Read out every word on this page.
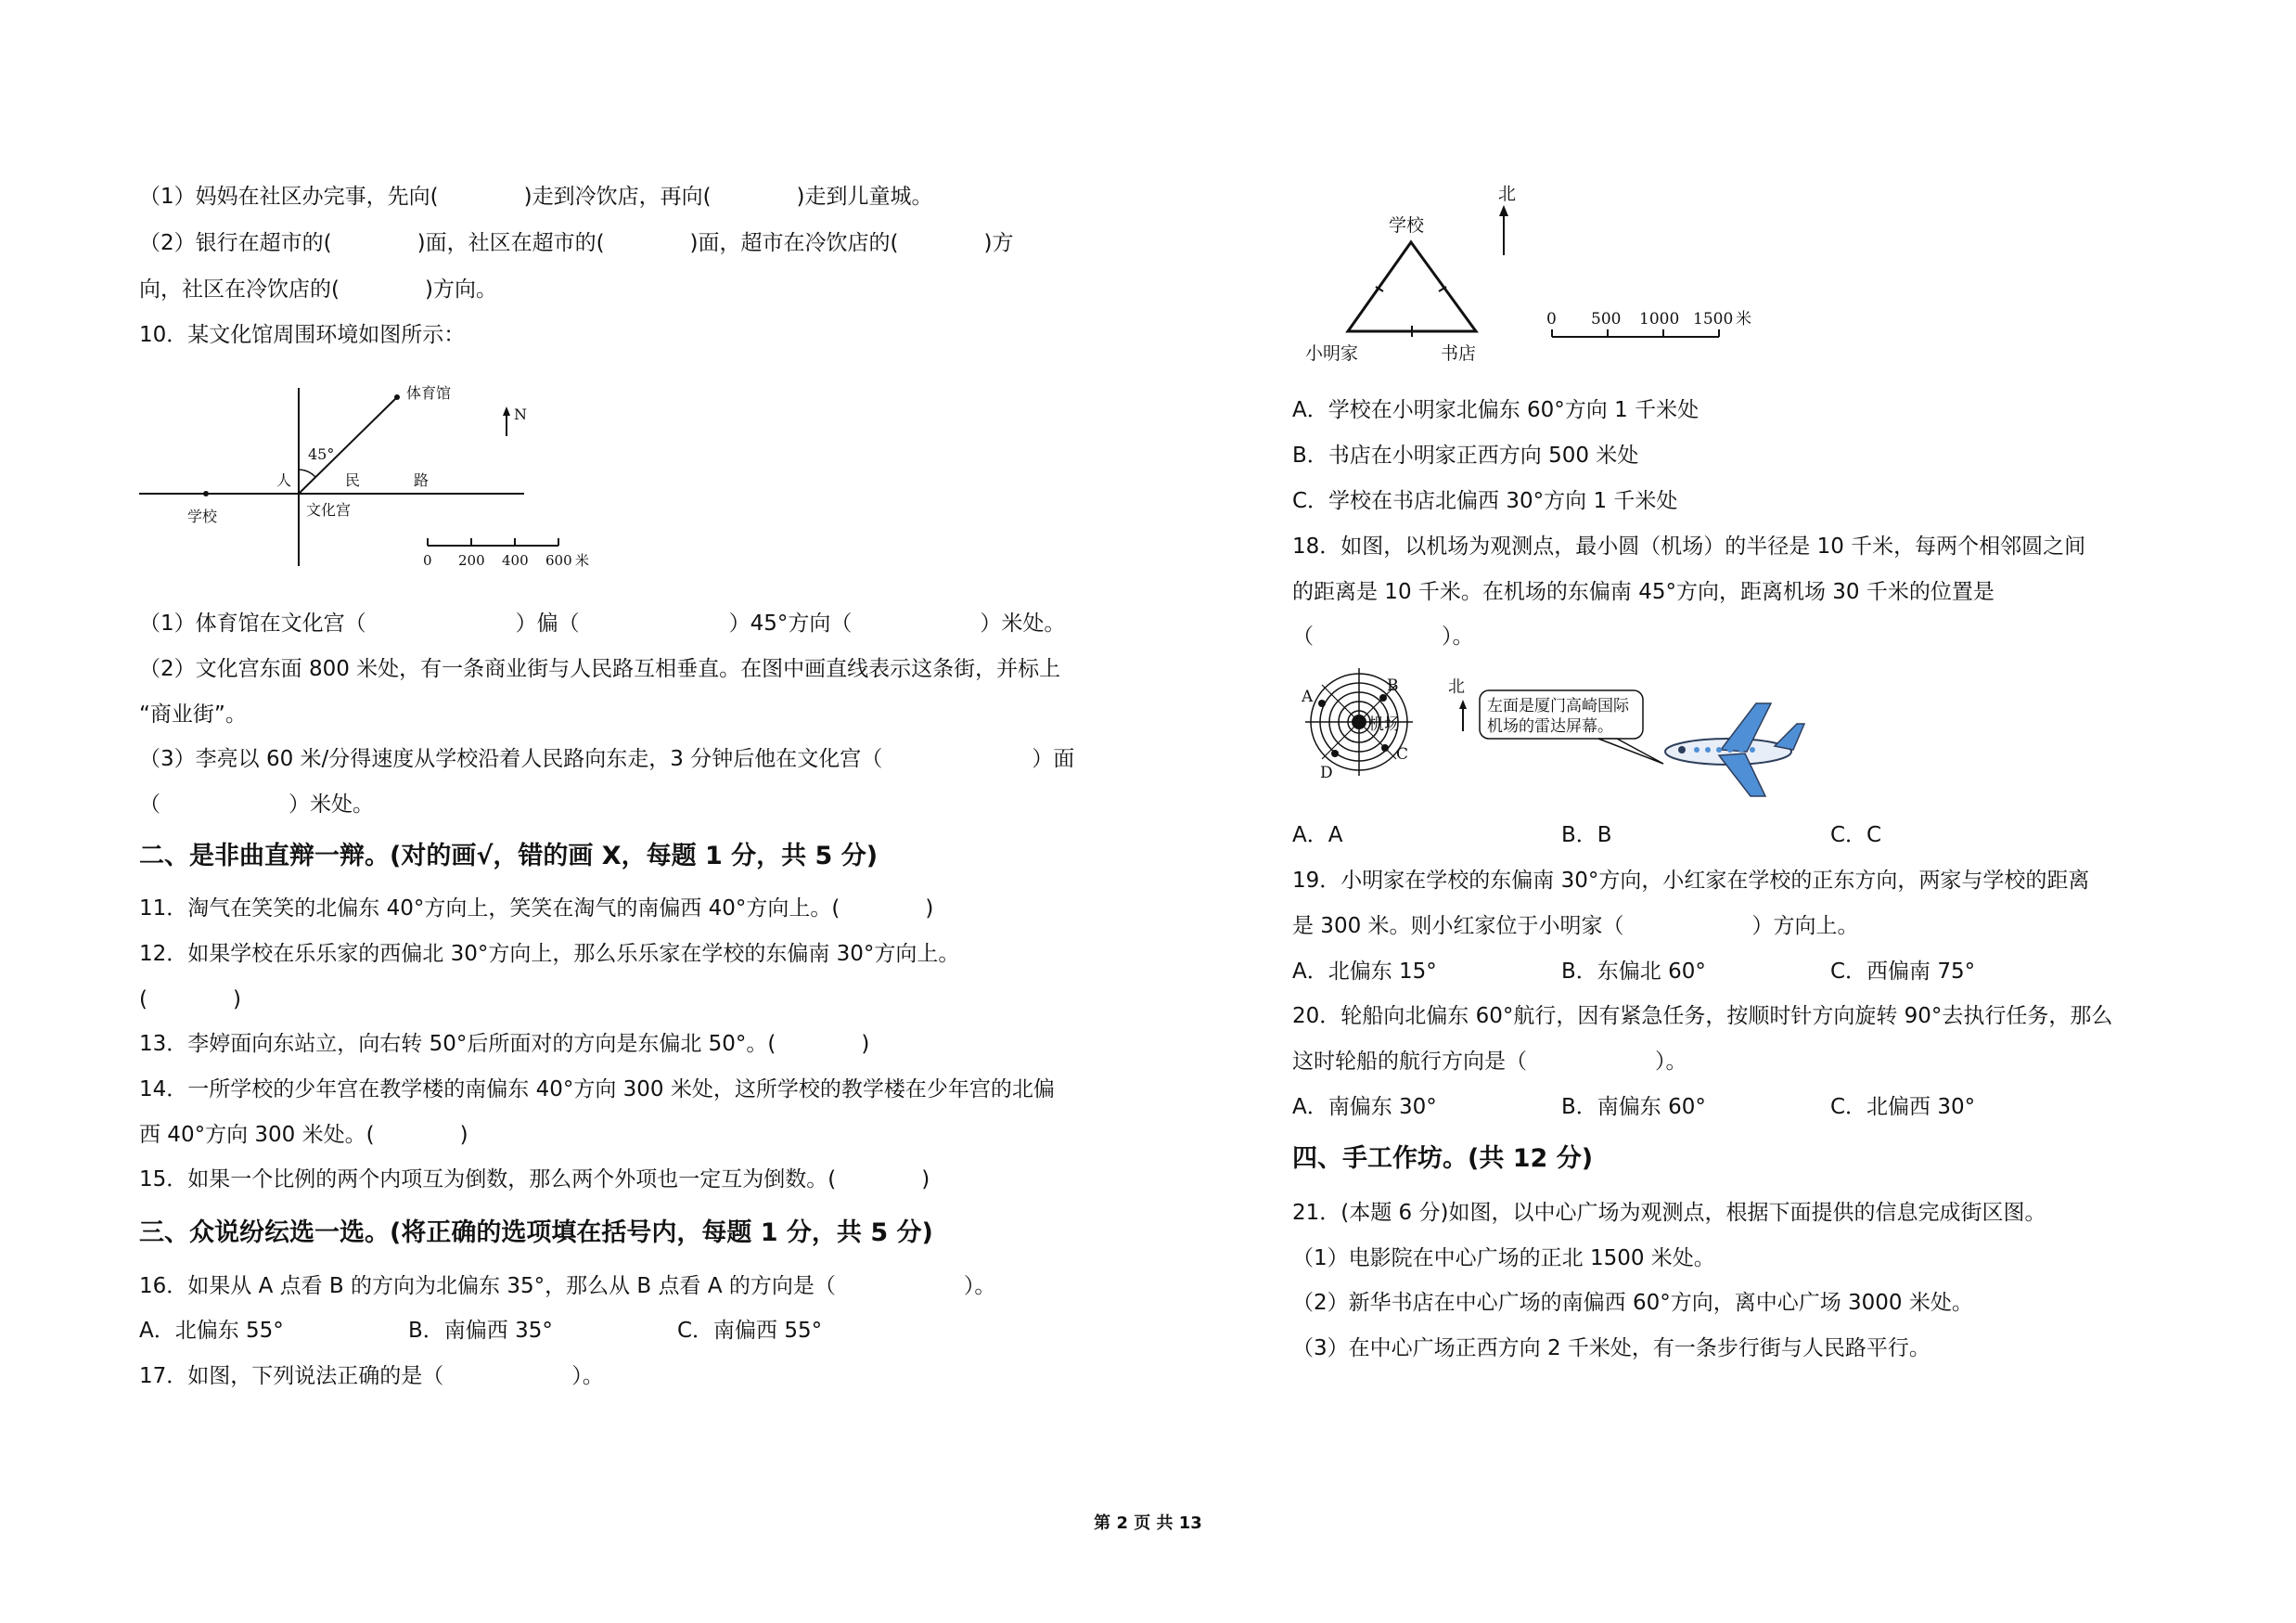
（1）妈妈在社区办完事，先向(　　　　)走到冷饮店，再向(　　　　)走到儿童城。
（2）银行在超市的(　　　　)面，社区在超市的(　　　　)面，超市在冷饮店的(　　　　)方
向，社区在冷饮店的(　　　　)方向。
10．某文化馆周围环境如图所示：
体育馆
N
45°
人	民	路
学校	文化宫
0 200 400 600 米
（1）体育馆在文化宫（　　　　　　　）偏（　　　　　　　）45°方向（　　　　　　）米处。
（2）文化宫东面 800 米处，有一条商业街与人民路互相垂直。在图中画直线表示这条街，并标上
“商业街”。
（3）李亮以 60 米/分得速度从学校沿着人民路向东走，3 分钟后他在文化宫（　　　　　　　）面
（　　　　　　）米处。
二、是非曲直辩一辩。(对的画√，错的画 X，每题 1 分，共 5 分)
11．淘气在笑笑的北偏东 40°方向上，笑笑在淘气的南偏西 40°方向上。(　　　　)
12．如果学校在乐乐家的西偏北 30°方向上，那么乐乐家在学校的东偏南 30°方向上。
(　　　　)
13．李婷面向东站立，向右转 50°后所面对的方向是东偏北 50°。(　　　　)
14．一所学校的少年宫在教学楼的南偏东 40°方向 300 米处，这所学校的教学楼在少年宫的北偏
西 40°方向 300 米处。(　　　　)
15．如果一个比例的两个内项互为倒数，那么两个外项也一定互为倒数。(　　　　)
三、众说纷纭选一选。(将正确的选项填在括号内，每题 1 分，共 5 分)
16．如果从 A 点看 B 的方向为北偏东 35°，那么从 B 点看 A 的方向是（　　　　　　）。
A．北偏东 55°	B．南偏西 35°	C．南偏西 55°
17．如图，下列说法正确的是（　　　　　　）。
北
学校
小明家	书店
0 500 1000 1500 米
A．学校在小明家北偏东 60°方向 1 千米处
B．书店在小明家正西方向 500 米处
C．学校在书店北偏西 30°方向 1 千米处
18．如图，以机场为观测点，最小圆（机场）的半径是 10 千米，每两个相邻圆之间
的距离是 10 千米。在机场的东偏南 45°方向，距离机场 30 千米的位置是
（　　　　　　）。
A
B
C
D
机场
北
左面是厦门高崎国际
机场的雷达屏幕。
A．A	B．B	C．C
19．小明家在学校的东偏南 30°方向，小红家在学校的正东方向，两家与学校的距离
是 300 米。则小红家位于小明家（　　　　　　）方向上。
A．北偏东 15°	B．东偏北 60°	C．西偏南 75°
20．轮船向北偏东 60°航行，因有紧急任务，按顺时针方向旋转 90°去执行任务，那么
这时轮船的航行方向是（　　　　　　）。
A．南偏东 30°	B．南偏东 60°	C．北偏西 30°
四、手工作坊。(共 12 分)
21．(本题 6 分)如图，以中心广场为观测点，根据下面提供的信息完成街区图。
（1）电影院在中心广场的正北 1500 米处。
（2）新华书店在中心广场的南偏西 60°方向，离中心广场 3000 米处。
（3）在中心广场正西方向 2 千米处，有一条步行街与人民路平行。
第 2 页 共 13
